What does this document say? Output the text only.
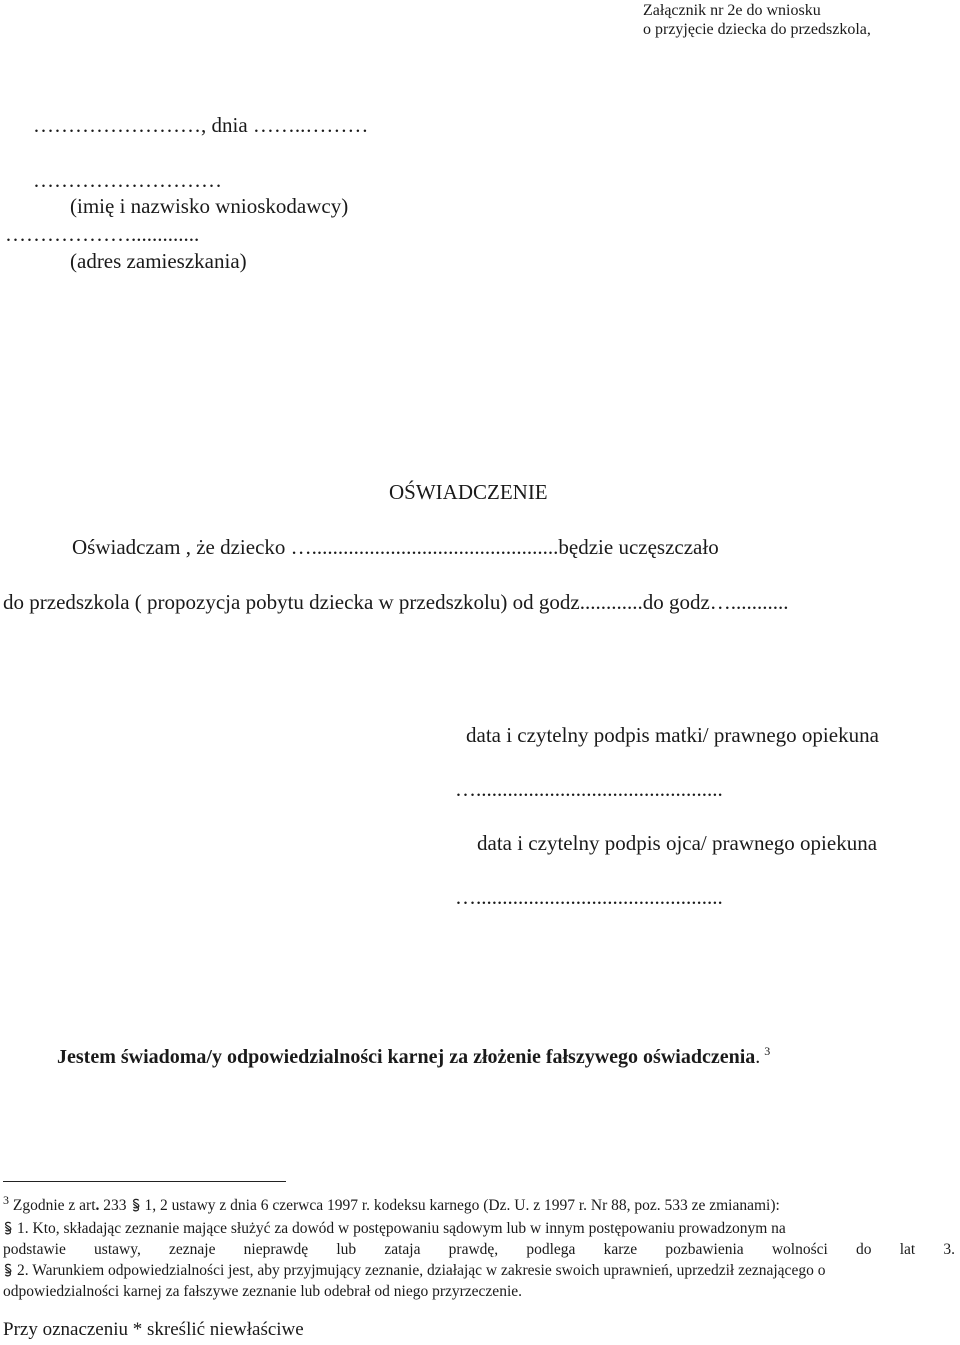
Załącznik nr 2e do wniosku
o przyjęcie dziecka do przedszkola,
……………………, dnia ……..………
………………………
(imię i nazwisko wnioskodawcy)
……………….............
(adres zamieszkania)
OŚWIADCZENIE
Oświadczam , że dziecko …...............................................będzie uczęszczało
do przedszkola ( propozycja pobytu dziecka w przedszkolu) od godz............do godz…...........
data i czytelny podpis matki/ prawnego opiekuna
…...............................................
data i czytelny podpis ojca/ prawnego opiekuna
…...............................................
Jestem świadoma/y odpowiedzialności karnej za złożenie fałszywego oświadczenia. $^3$
$^3$ Zgodnie z art. 233 1, 2 ustawy z dnia 6 czerwca 1997 r. kodeksu karnego (Dz. U. z 1997 r. Nr 88, poz. 533 ze zmianami):
1. Kto, składając zeznanie mające służyć za dowód w postępowaniu sądowym lub w innym postępowaniu prowadzonym na
podstawie ustawy, zeznaje nieprawdę lub zataja prawdę, podlega karze pozbawienia wolności do lat 3.
2. Warunkiem odpowiedzialności jest, aby przyjmujący zeznanie, działając w zakresie swoich uprawnień, uprzedził zeznającego o
odpowiedzialności karnej za fałszywe zeznanie lub odebrał od niego przyrzeczenie.
Przy oznaczeniu * skreślić niewłaściwe
